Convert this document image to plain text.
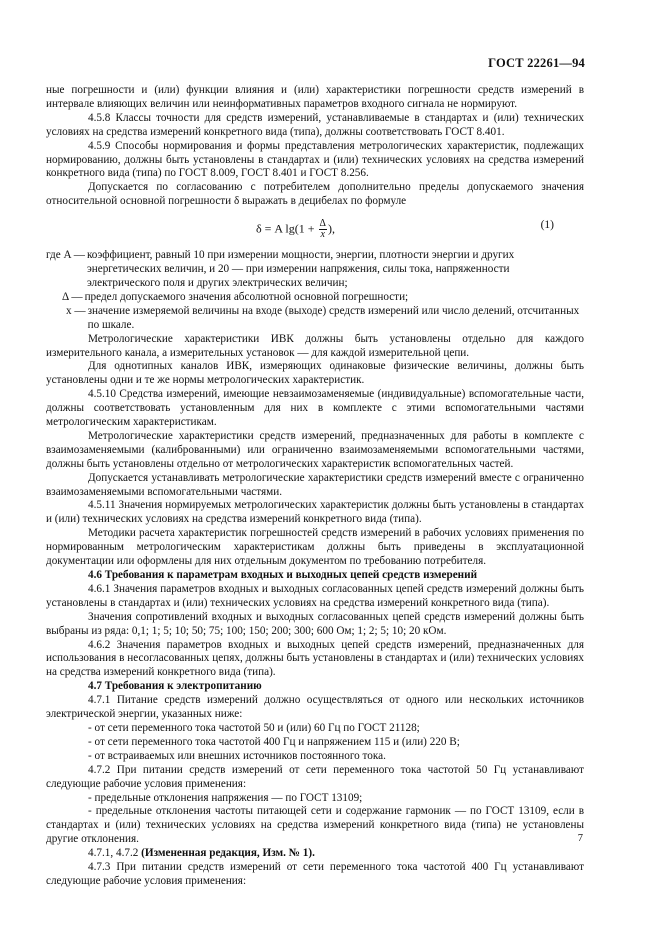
ГОСТ 22261—94

ные погрешности и (или) функции влияния и (или) характеристики погрешности средств измерений в интервале влияющих величин или неинформативных параметров входного сигнала не нормируют.

4.5.8 Классы точности для средств измерений, устанавливаемые в стандартах и (или) технических условиях на средства измерений конкретного вида (типа), должны соответствовать ГОСТ 8.401.

4.5.9 Способы нормирования и формы представления метрологических характеристик, подлежащих нормированию, должны быть установлены в стандартах и (или) технических условиях на средства измерений конкретного вида (типа) по ГОСТ 8.009, ГОСТ 8.401 и ГОСТ 8.256.

Допускается по согласованию с потребителем дополнительно пределы допускаемого значения относительной основной погрешности δ выражать в децибелах по формуле

δ = A $\lg(1 + \frac{\Delta}{x}$ ),	(1)
где A — коэффициент, равный 10 при измерении мощности, энергии, плотности энергии и других энергетических величин, и 20 — при измерении напряжения, силы тока, напряженности электрического поля и других электрических величин;
Δ — предел допускаемого значения абсолютной основной погрешности;
x — значение измеряемой величины на входе (выходе) средств измерений или число делений, отсчитанных по шкале.

Метрологические характеристики ИВК должны быть установлены отдельно для каждого измерительного канала, а измерительных установок — для каждой измерительной цепи.

Для однотипных каналов ИВК, измеряющих одинаковые физические величины, должны быть установлены одни и те же нормы метрологических характеристик.

4.5.10 Средства измерений, имеющие невзаимозаменяемые (индивидуальные) вспомогательные части, должны соответствовать установленным для них в комплекте с этими вспомогательными частями метрологическим характеристикам.

Метрологические характеристики средств измерений, предназначенных для работы в комплекте с взаимозаменяемыми (калиброванными) или ограниченно взаимозаменяемыми вспомогательными частями, должны быть установлены отдельно от метрологических характеристик вспомогательных частей.

Допускается устанавливать метрологические характеристики средств измерений вместе с ограниченно взаимозаменяемыми вспомогательными частями.

4.5.11 Значения нормируемых метрологических характеристик должны быть установлены в стандартах и (или) технических условиях на средства измерений конкретного вида (типа).

Методики расчета характеристик погрешностей средств измерений в рабочих условиях применения по нормированным метрологическим характеристикам должны быть приведены в эксплуатационной документации или оформлены для них отдельным документом по требованию потребителя.

4.6 Требования к параметрам входных и выходных цепей средств измерений

4.6.1 Значения параметров входных и выходных согласованных цепей средств измерений должны быть установлены в стандартах и (или) технических условиях на средства измерений конкретного вида (типа).

Значения сопротивлений входных и выходных согласованных цепей средств измерений должны быть выбраны из ряда: 0,1; 1; 5; 10; 50; 75; 100; 150; 200; 300; 600 Ом; 1; 2; 5; 10; 20 кОм.

4.6.2 Значения параметров входных и выходных цепей средств измерений, предназначенных для использования в несогласованных цепях, должны быть установлены в стандартах и (или) технических условиях на средства измерений конкретного вида (типа).

4.7 Требования к электропитанию

4.7.1 Питание средств измерений должно осуществляться от одного или нескольких источников электрической энергии, указанных ниже:

- от сети переменного тока частотой 50 и (или) 60 Гц по ГОСТ 21128;

- от сети переменного тока частотой 400 Гц и напряжением 115 и (или) 220 В;

- от встраиваемых или внешних источников постоянного тока.

4.7.2 При питании средств измерений от сети переменного тока частотой 50 Гц устанавливают следующие рабочие условия применения:

- предельные отклонения напряжения — по ГОСТ 13109;

- предельные отклонения частоты питающей сети и содержание гармоник — по ГОСТ 13109, если в стандартах и (или) технических условиях на средства измерений конкретного вида (типа) не установлены другие отклонения.

4.7.1, 4.7.2 (Измененная редакция, Изм. № 1).

4.7.3 При питании средств измерений от сети переменного тока частотой 400 Гц устанавливают следующие рабочие условия применения:

7
